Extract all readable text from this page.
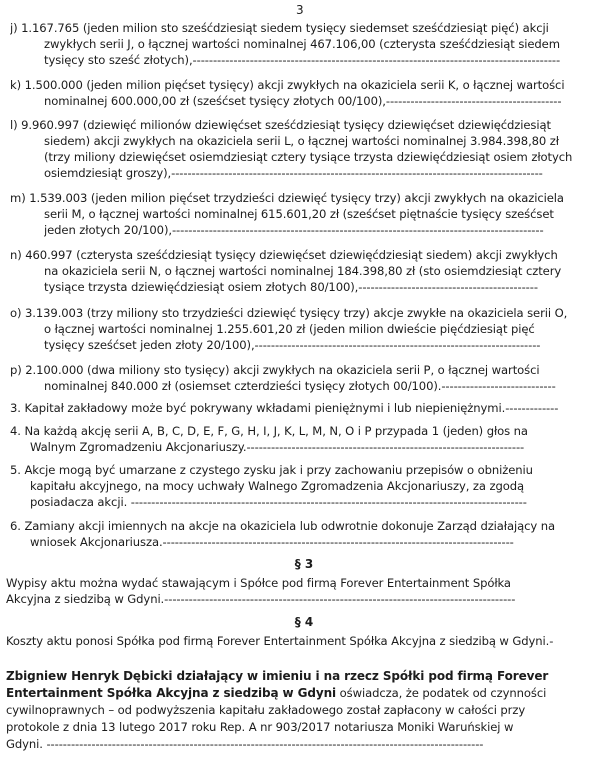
3
j) 1.167.765 (jeden milion sto sześćdziesiąt siedem tysięcy siedemset sześćdziesiąt pięć) akcji
zwykłych serii J, o łącznej wartości nominalnej 467.106,00 (czterysta sześćdziesiąt siedem
tysięcy sto sześć złotych),------------------------------------------------------------------------------------------
k) 1.500.000 (jeden milion pięćset tysięcy) akcji zwykłych na okaziciela serii K, o łącznej wartości
nominalnej 600.000,00 zł (sześćset tysięcy złotych 00/100),-------------------------------------------
l) 9.960.997 (dziewięć milionów dziewięćset sześćdziesiąt tysięcy dziewięćset dziewięćdziesiąt
siedem) akcji zwykłych na okaziciela serii L, o łącznej wartości nominalnej 3.984.398,80 zł
(trzy miliony dziewięćset osiemdziesiąt cztery tysiące trzysta dziewięćdziesiąt osiem złotych
osiemdziesiąt groszy),-------------------------------------------------------------------------------------------
m) 1.539.003 (jeden milion pięćset trzydzieści dziewięć tysięcy trzy) akcji zwykłych na okaziciela
serii M, o łącznej wartości nominalnej 615.601,20 zł (sześćset piętnaście tysięcy sześćset
jeden złotych 20/100),-------------------------------------------------------------------------------------------
n) 460.997 (czterysta sześćdziesiąt tysięcy dziewięćset dziewięćdziesiąt siedem) akcji zwykłych
na okaziciela serii N, o łącznej wartości nominalnej 184.398,80 zł (sto osiemdziesiąt cztery
tysiące trzysta dziewięćdziesiąt osiem złotych 80/100),--------------------------------------------
o) 3.139.003 (trzy miliony sto trzydzieści dziewięć tysięcy trzy) akcje zwykłe na okaziciela serii O,
o łącznej wartości nominalnej 1.255.601,20 zł (jeden milion dwieście pięćdziesiąt pięć
tysięcy sześćset jeden złoty 20/100),----------------------------------------------------------------------
p) 2.100.000 (dwa miliony sto tysięcy) akcji zwykłych na okaziciela serii P, o łącznej wartości
nominalnej 840.000 zł (osiemset czterdzieści tysięcy złotych 00/100).----------------------------
3. Kapitał zakładowy może być pokrywany wkładami pieniężnymi i lub niepieniężnymi.-------------
4. Na każdą akcję serii A, B, C, D, E, F, G, H, I, J, K, L, M, N, O i P przypada 1 (jeden) głos na
Walnym Zgromadzeniu Akcjonariuszy.--------------------------------------------------------------------
5. Akcje mogą być umarzane z czystego zysku jak i przy zachowaniu przepisów o obniżeniu
kapitału akcyjnego, na mocy uchwały Walnego Zgromadzenia Akcjonariuszy, za zgodą
posiadacza akcji. -------------------------------------------------------------------------------------------------
6. Zamiany akcji imiennych na akcje na okaziciela lub odwrotnie dokonuje Zarząd działający na
wniosek Akcjonariusza.--------------------------------------------------------------------------------------
§ 3
Wypisy aktu można wydać stawającym i Spółce pod firmą Forever Entertainment Spółka
Akcyjna z siedzibą w Gdyni.--------------------------------------------------------------------------------------
§ 4
Koszty aktu ponosi Spółka pod firmą Forever Entertainment Spółka Akcyjna z siedzibą w Gdyni.-
Zbigniew Henryk Dębicki działający w imieniu i na rzecz Spółki pod firmą Forever
Entertainment Spółka Akcyjna z siedzibą w Gdyni oświadcza, że podatek od czynności
cywilnoprawnych – od podwyższenia kapitału zakładowego został zapłacony w całości przy
protokole z dnia 13 lutego 2017 roku Rep. A nr 903/2017 notariusza Moniki Waruńskiej w
Gdyni. -----------------------------------------------------------------------------------------------------------
